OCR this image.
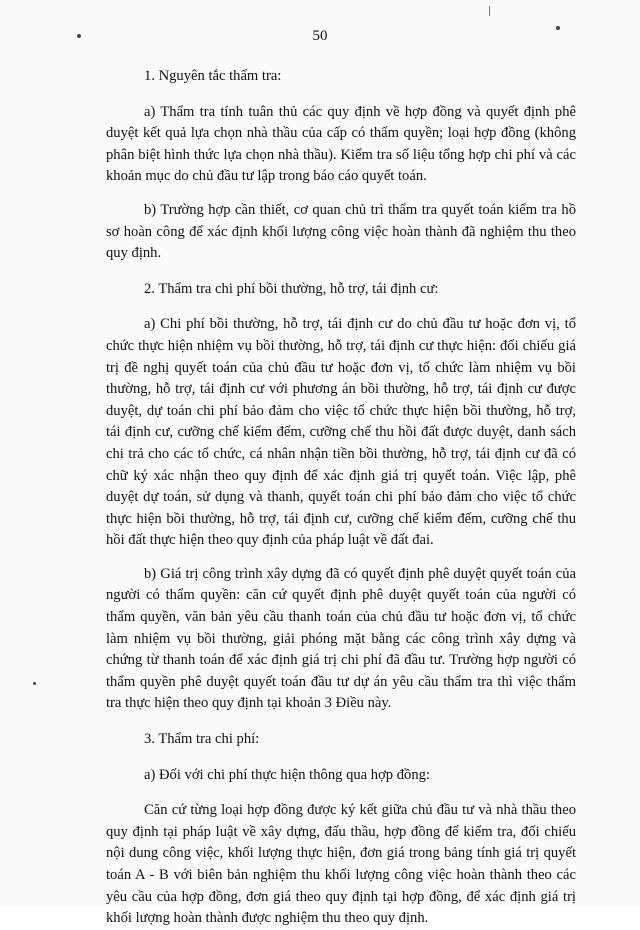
50

1. Nguyên tắc thẩm tra:

a) Thẩm tra tính tuân thủ các quy định về hợp đồng và quyết định phê duyệt kết quả lựa chọn nhà thầu của cấp có thẩm quyền; loại hợp đồng (không phân biệt hình thức lựa chọn nhà thầu). Kiểm tra số liệu tổng hợp chi phí và các khoản mục do chủ đầu tư lập trong báo cáo quyết toán.

b) Trường hợp cần thiết, cơ quan chủ trì thẩm tra quyết toán kiểm tra hồ sơ hoàn công để xác định khối lượng công việc hoàn thành đã nghiệm thu theo quy định.

2. Thẩm tra chi phí bồi thường, hỗ trợ, tái định cư:

a) Chi phí bồi thường, hỗ trợ, tái định cư do chủ đầu tư hoặc đơn vị, tổ chức thực hiện nhiệm vụ bồi thường, hỗ trợ, tái định cư thực hiện: đối chiếu giá trị đề nghị quyết toán của chủ đầu tư hoặc đơn vị, tổ chức làm nhiệm vụ bồi thường, hỗ trợ, tái định cư với phương án bồi thường, hỗ trợ, tái định cư được duyệt, dự toán chi phí bảo đảm cho việc tổ chức thực hiện bồi thường, hỗ trợ, tái định cư, cưỡng chế kiểm đếm, cưỡng chế thu hồi đất được duyệt, danh sách chi trả cho các tổ chức, cá nhân nhận tiền bồi thường, hỗ trợ, tái định cư đã có chữ ký xác nhận theo quy định để xác định giá trị quyết toán. Việc lập, phê duyệt dự toán, sử dụng và thanh, quyết toán chi phí bảo đảm cho việc tổ chức thực hiện bồi thường, hỗ trợ, tái định cư, cưỡng chế kiểm đếm, cưỡng chế thu hồi đất thực hiện theo quy định của pháp luật về đất đai.

b) Giá trị công trình xây dựng đã có quyết định phê duyệt quyết toán của người có thẩm quyền: căn cứ quyết định phê duyệt quyết toán của người có thẩm quyền, văn bản yêu cầu thanh toán của chủ đầu tư hoặc đơn vị, tổ chức làm nhiệm vụ bồi thường, giải phóng mặt bằng các công trình xây dựng và chứng từ thanh toán để xác định giá trị chi phí đã đầu tư. Trường hợp người có thẩm quyền phê duyệt quyết toán đầu tư dự án yêu cầu thẩm tra thì việc thẩm tra thực hiện theo quy định tại khoản 3 Điều này.

3. Thẩm tra chi phí:

a) Đối với chi phí thực hiện thông qua hợp đồng:

Căn cứ từng loại hợp đồng được ký kết giữa chủ đầu tư và nhà thầu theo quy định tại pháp luật về xây dựng, đấu thầu, hợp đồng để kiểm tra, đối chiếu nội dung công việc, khối lượng thực hiện, đơn giá trong bảng tính giá trị quyết toán A - B với biên bản nghiệm thu khối lượng công việc hoàn thành theo các yêu cầu của hợp đồng, đơn giá theo quy định tại hợp đồng, để xác định giá trị khối lượng hoàn thành được nghiệm thu theo quy định.
